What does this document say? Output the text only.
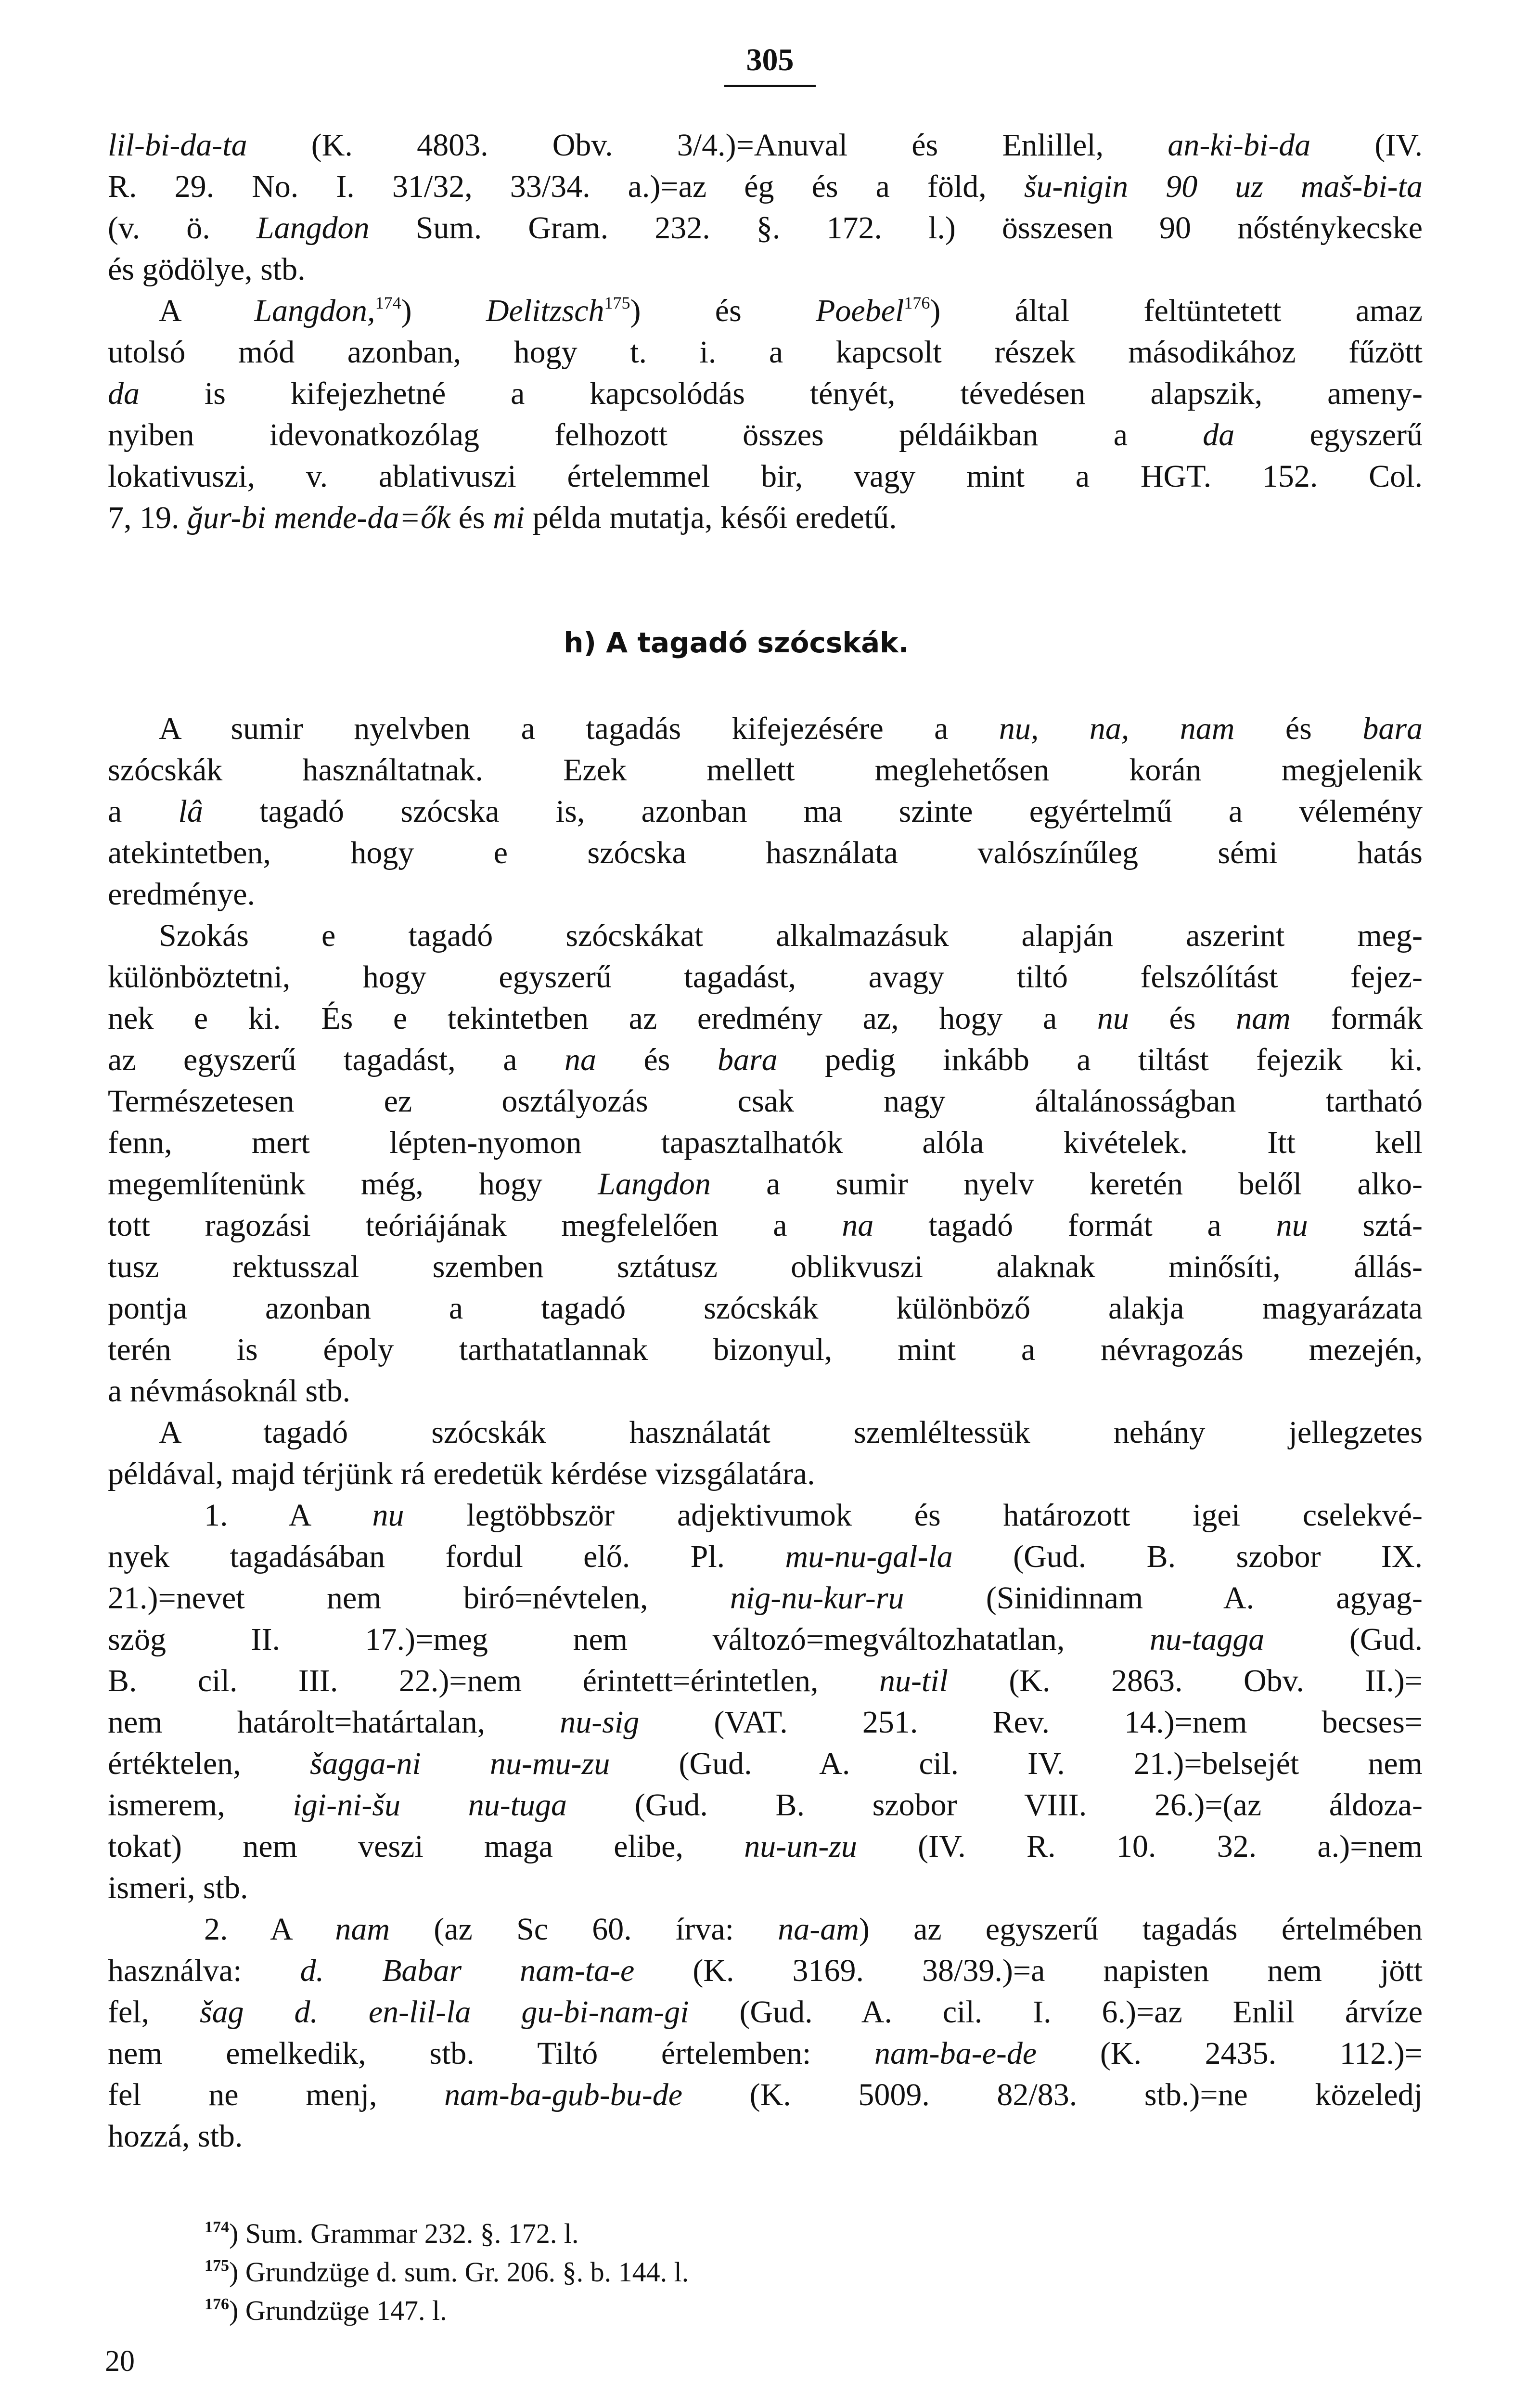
305
lil-bi-da-ta (K. 4803. Obv. 3/4.)=Anuval és Enlillel, an-ki-bi-da (IV.
R. 29. No. I. 31/32, 33/34. a.)=az ég és a föld, šu-nigin 90 uz maš-bi-ta
(v. ö. Langdon Sum. Gram. 232. §. 172. l.) összesen 90 nősténykecske
és gödölye, stb.
A Langdon,$^{174}$) Delitzsch$^{175}$) és Poebel$^{176}$) által feltüntetett amaz
utolsó mód azonban, hogy t. i. a kapcsolt részek másodikához fűzött
da is kifejezhetné a kapcsolódás tényét, tévedésen alapszik, ameny-
nyiben idevonatkozólag felhozott összes példáikban a da egyszerű
lokativuszi, v. ablativuszi értelemmel bir, vagy mint a HGT. 152. Col.
7, 19. ğur-bi mende-da=ők és mi példa mutatja, késői eredetű.
h) A tagadó szócskák.
A sumir nyelvben a tagadás kifejezésére a nu, na, nam és bara
szócskák használtatnak. Ezek mellett meglehetősen korán megjelenik
a lâ tagadó szócska is, azonban ma szinte egyértelmű a vélemény
atekintetben, hogy e szócska használata valószínűleg sémi hatás
eredménye.
Szokás e tagadó szócskákat alkalmazásuk alapján aszerint meg-
különböztetni, hogy egyszerű tagadást, avagy tiltó felszólítást fejez-
nek e ki. És e tekintetben az eredmény az, hogy a nu és nam formák
az egyszerű tagadást, a na és bara pedig inkább a tiltást fejezik ki.
Természetesen ez osztályozás csak nagy általánosságban tartható
fenn, mert lépten-nyomon tapasztalhatók alóla kivételek. Itt kell
megemlítenünk még, hogy Langdon a sumir nyelv keretén belől alko-
tott ragozási teóriájának megfelelően a na tagadó formát a nu sztá-
tusz rektusszal szemben sztátusz oblikvuszi alaknak minősíti, állás-
pontja azonban a tagadó szócskák különböző alakja magyarázata
terén is époly tarthatatlannak bizonyul, mint a névragozás mezején,
a névmásoknál stb.
A tagadó szócskák használatát szemléltessük nehány jellegzetes
példával, majd térjünk rá eredetük kérdése vizsgálatára.
1. A nu legtöbbször adjektivumok és határozott igei cselekvé-
nyek tagadásában fordul elő. Pl. mu-nu-gal-la (Gud. B. szobor IX.
21.)=nevet nem biró=névtelen, nig-nu-kur-ru (Sinidinnam A. agyag-
szög II. 17.)=meg nem változó=megváltozhatatlan, nu-tagga (Gud.
B. cil. III. 22.)=nem érintett=érintetlen, nu-til (K. 2863. Obv. II.)=
nem határolt=határtalan, nu-sig (VAT. 251. Rev. 14.)=nem becses=
értéktelen, šagga-ni nu-mu-zu (Gud. A. cil. IV. 21.)=belsejét nem
ismerem, igi-ni-šu nu-tuga (Gud. B. szobor VIII. 26.)=(az áldoza-
tokat) nem veszi maga elibe, nu-un-zu (IV. R. 10. 32. a.)=nem
ismeri, stb.
2. A nam (az Sc 60. írva: na-am) az egyszerű tagadás értelmében
használva: d. Babar nam-ta-e (K. 3169. 38/39.)=a napisten nem jött
fel, šag d. en-lil-la gu-bi-nam-gi (Gud. A. cil. I. 6.)=az Enlil árvíze
nem emelkedik, stb. Tiltó értelemben: nam-ba-e-de (K. 2435. 112.)=
fel ne menj, nam-ba-gub-bu-de (K. 5009. 82/83. stb.)=ne közeledj
hozzá, stb.
$^{174}$) Sum. Grammar 232. §. 172. l.
$^{175}$) Grundzüge d. sum. Gr. 206. §. b. 144. l.
$^{176}$) Grundzüge 147. l.
20
